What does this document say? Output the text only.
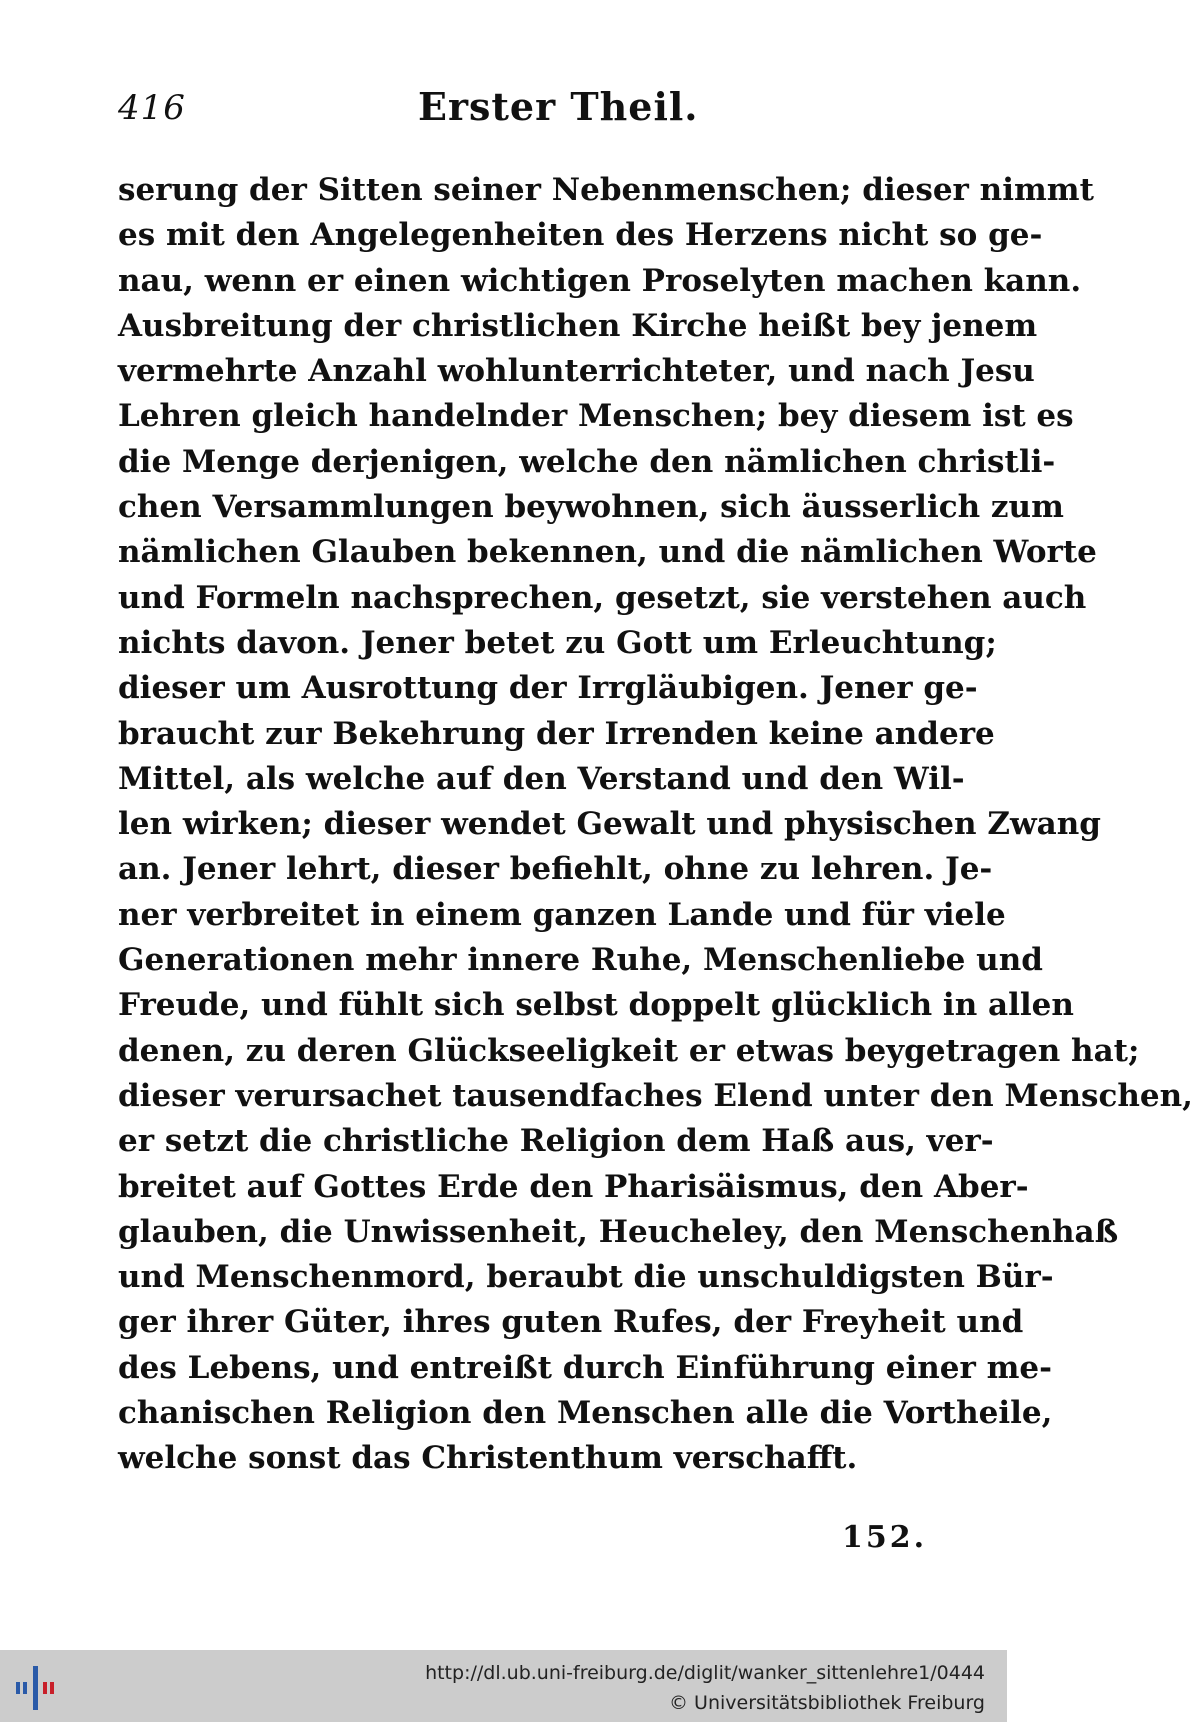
416	Erster Theil.
serung der Sitten seiner Nebenmenschen; dieser nimmt
es mit den Angelegenheiten des Herzens nicht so ge-
nau, wenn er einen wichtigen Proselyten machen kann.
Ausbreitung der christlichen Kirche heißt bey jenem
vermehrte Anzahl wohlunterrichteter, und nach Jesu
Lehren gleich handelnder Menschen; bey diesem ist es
die Menge derjenigen, welche den nämlichen christli-
chen Versammlungen beywohnen, sich äusserlich zum
nämlichen Glauben bekennen, und die nämlichen Worte
und Formeln nachsprechen, gesetzt, sie verstehen auch
nichts davon. Jener betet zu Gott um Erleuchtung;
dieser um Ausrottung der Irrgläubigen. Jener ge-
braucht zur Bekehrung der Irrenden keine andere
Mittel, als welche auf den Verstand und den Wil-
len wirken; dieser wendet Gewalt und physischen Zwang
an. Jener lehrt, dieser befiehlt, ohne zu lehren. Je-
ner verbreitet in einem ganzen Lande und für viele
Generationen mehr innere Ruhe, Menschenliebe und
Freude, und fühlt sich selbst doppelt glücklich in allen
denen, zu deren Glückseeligkeit er etwas beygetragen hat;
dieser verursachet tausendfaches Elend unter den Menschen,
er setzt die christliche Religion dem Haß aus, ver-
breitet auf Gottes Erde den Pharisäismus, den Aber-
glauben, die Unwissenheit, Heucheley, den Menschenhaß
und Menschenmord, beraubt die unschuldigsten Bür-
ger ihrer Güter, ihres guten Rufes, der Freyheit und
des Lebens, und entreißt durch Einführung einer me-
chanischen Religion den Menschen alle die Vortheile,
welche sonst das Christenthum verschafft.
152.
http://dl.ub.uni-freiburg.de/diglit/wanker_sittenlehre1/0444
© Universitätsbibliothek Freiburg
